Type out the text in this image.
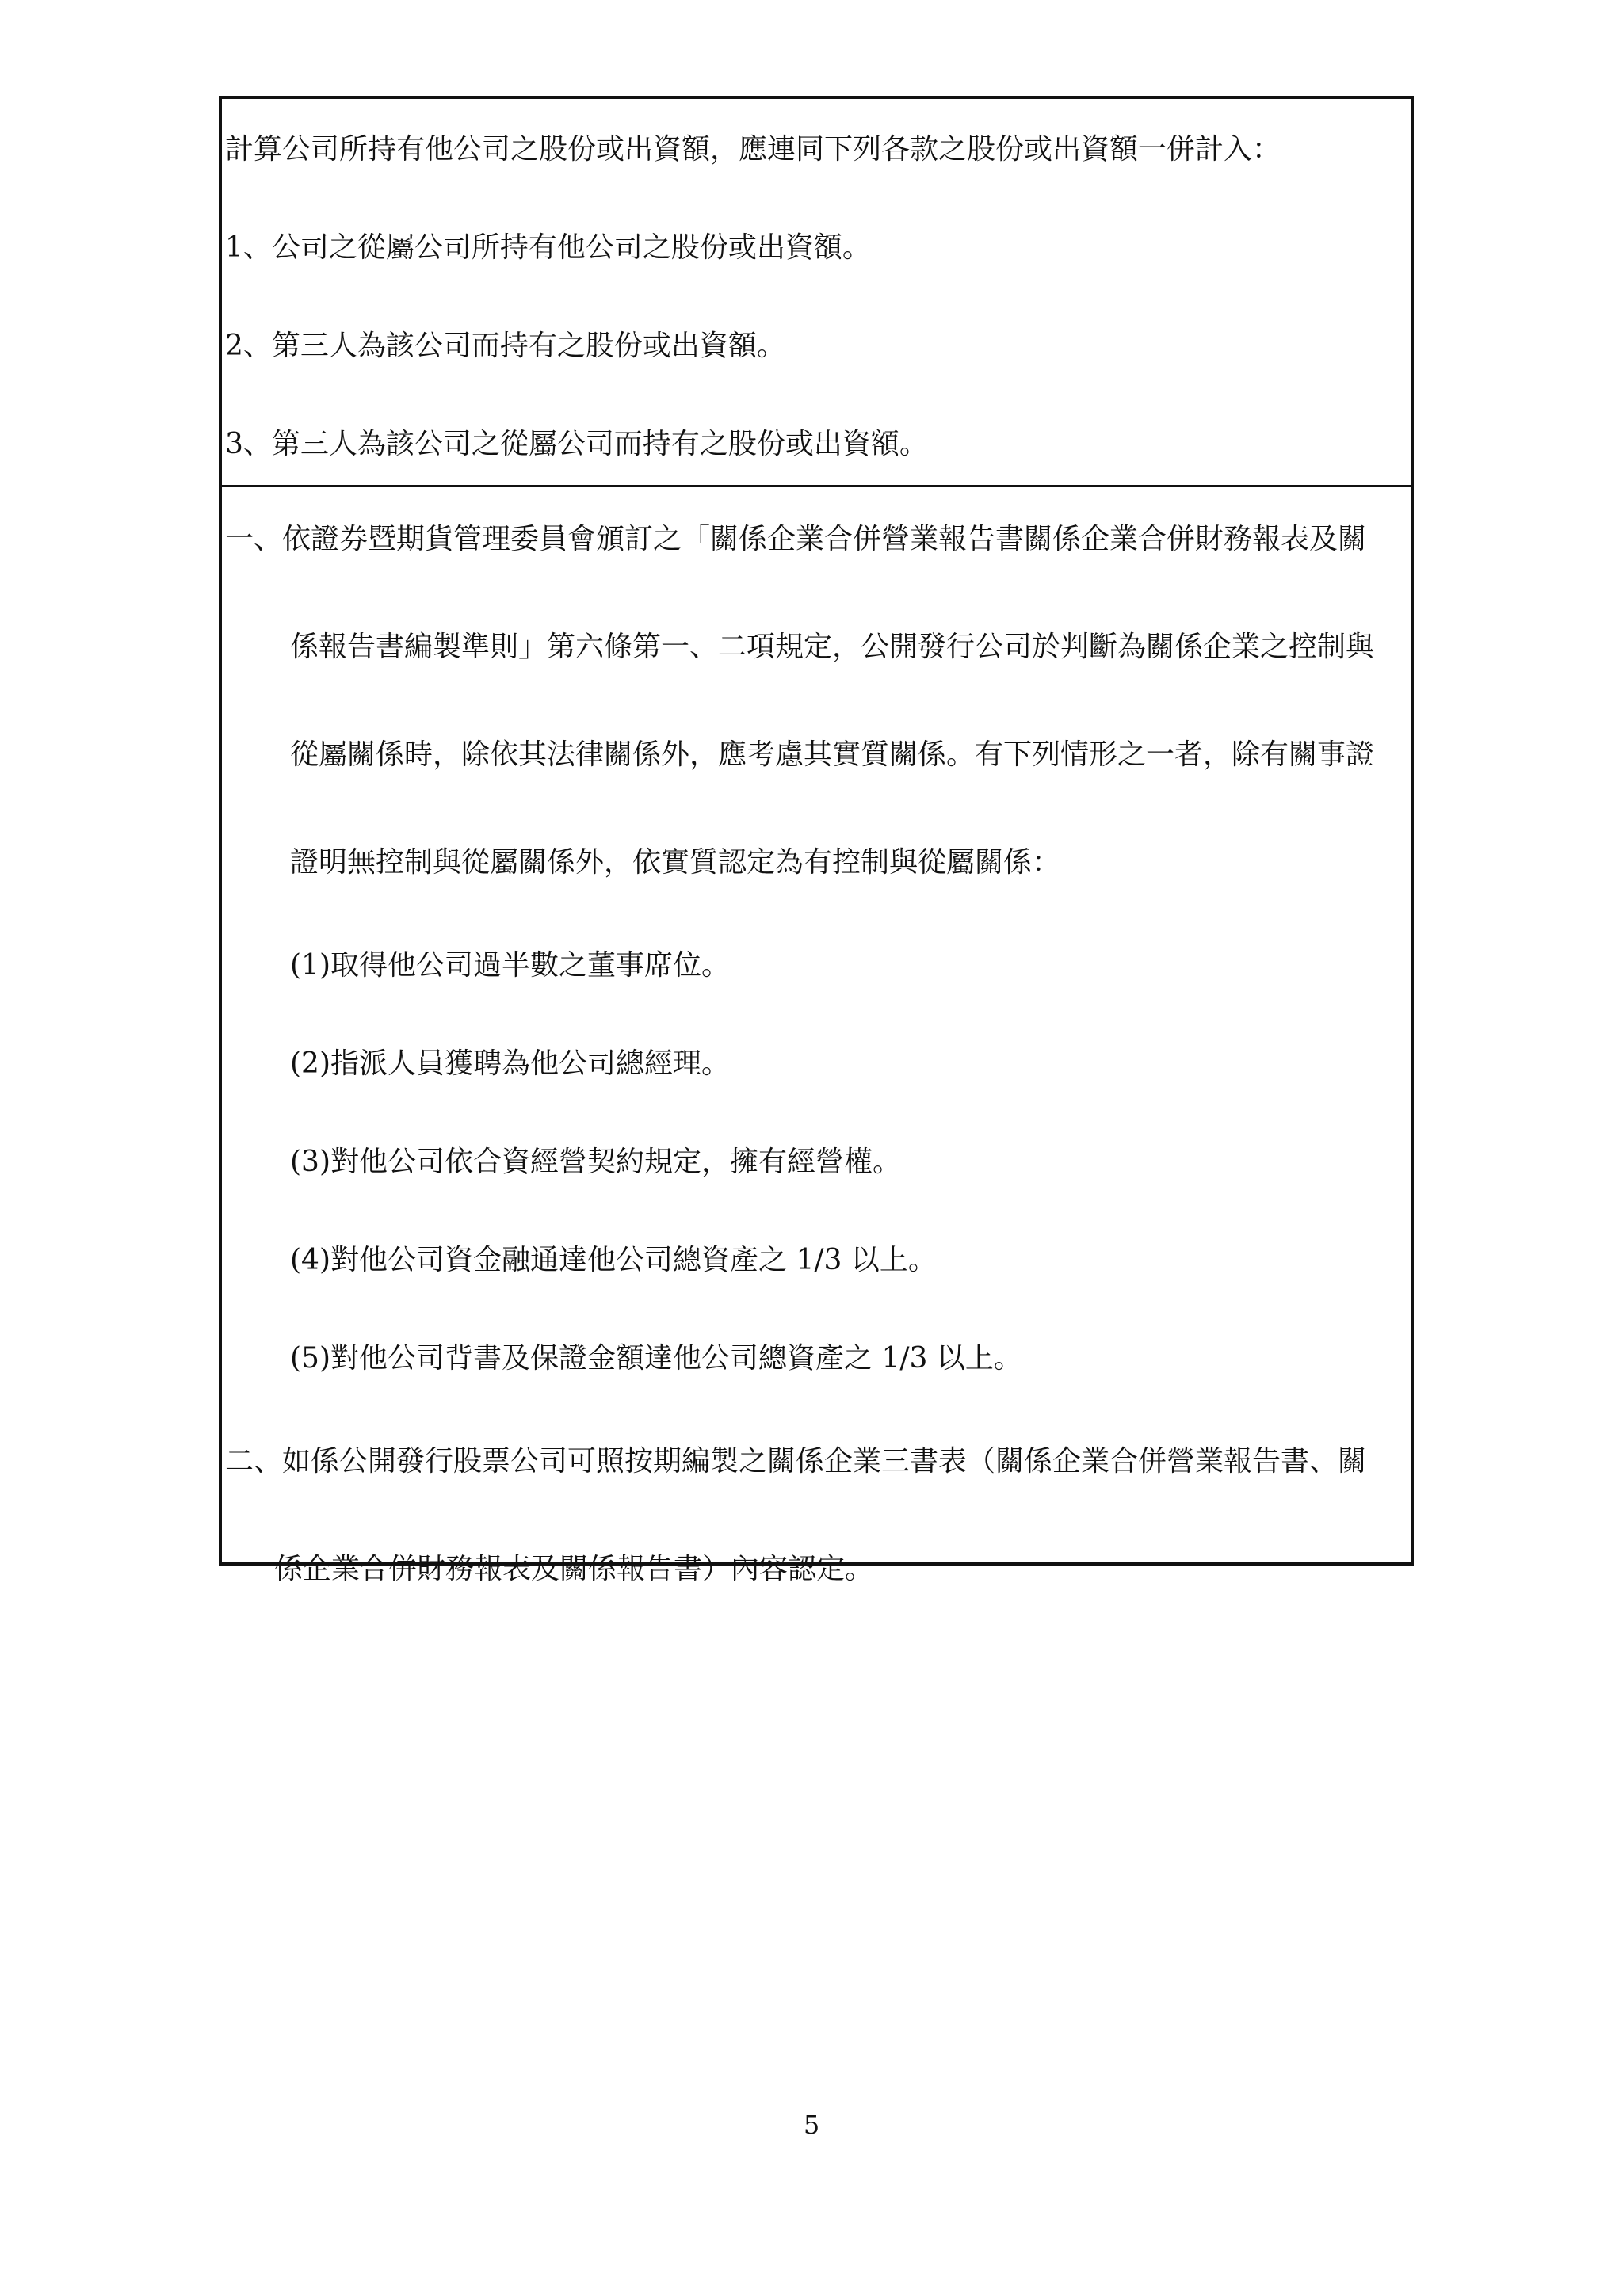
計算公司所持有他公司之股份或出資額，應連同下列各款之股份或出資額一併計入：
1、公司之從屬公司所持有他公司之股份或出資額。
2、第三人為該公司而持有之股份或出資額。
3、第三人為該公司之從屬公司而持有之股份或出資額。
一、依證券暨期貨管理委員會頒訂之「關係企業合併營業報告書關係企業合併財務報表及關
係報告書編製準則」第六條第一、二項規定，公開發行公司於判斷為關係企業之控制與
從屬關係時，除依其法律關係外，應考慮其實質關係。有下列情形之一者，除有關事證
證明無控制與從屬關係外，依實質認定為有控制與從屬關係：
(1)取得他公司過半數之董事席位。
(2)指派人員獲聘為他公司總經理。
(3)對他公司依合資經營契約規定，擁有經營權。
(4)對他公司資金融通達他公司總資產之 1/3 以上。
(5)對他公司背書及保證金額達他公司總資產之 1/3 以上。
二、如係公開發行股票公司可照按期編製之關係企業三書表（關係企業合併營業報告書、關
係企業合併財務報表及關係報告書）內容認定。
5
